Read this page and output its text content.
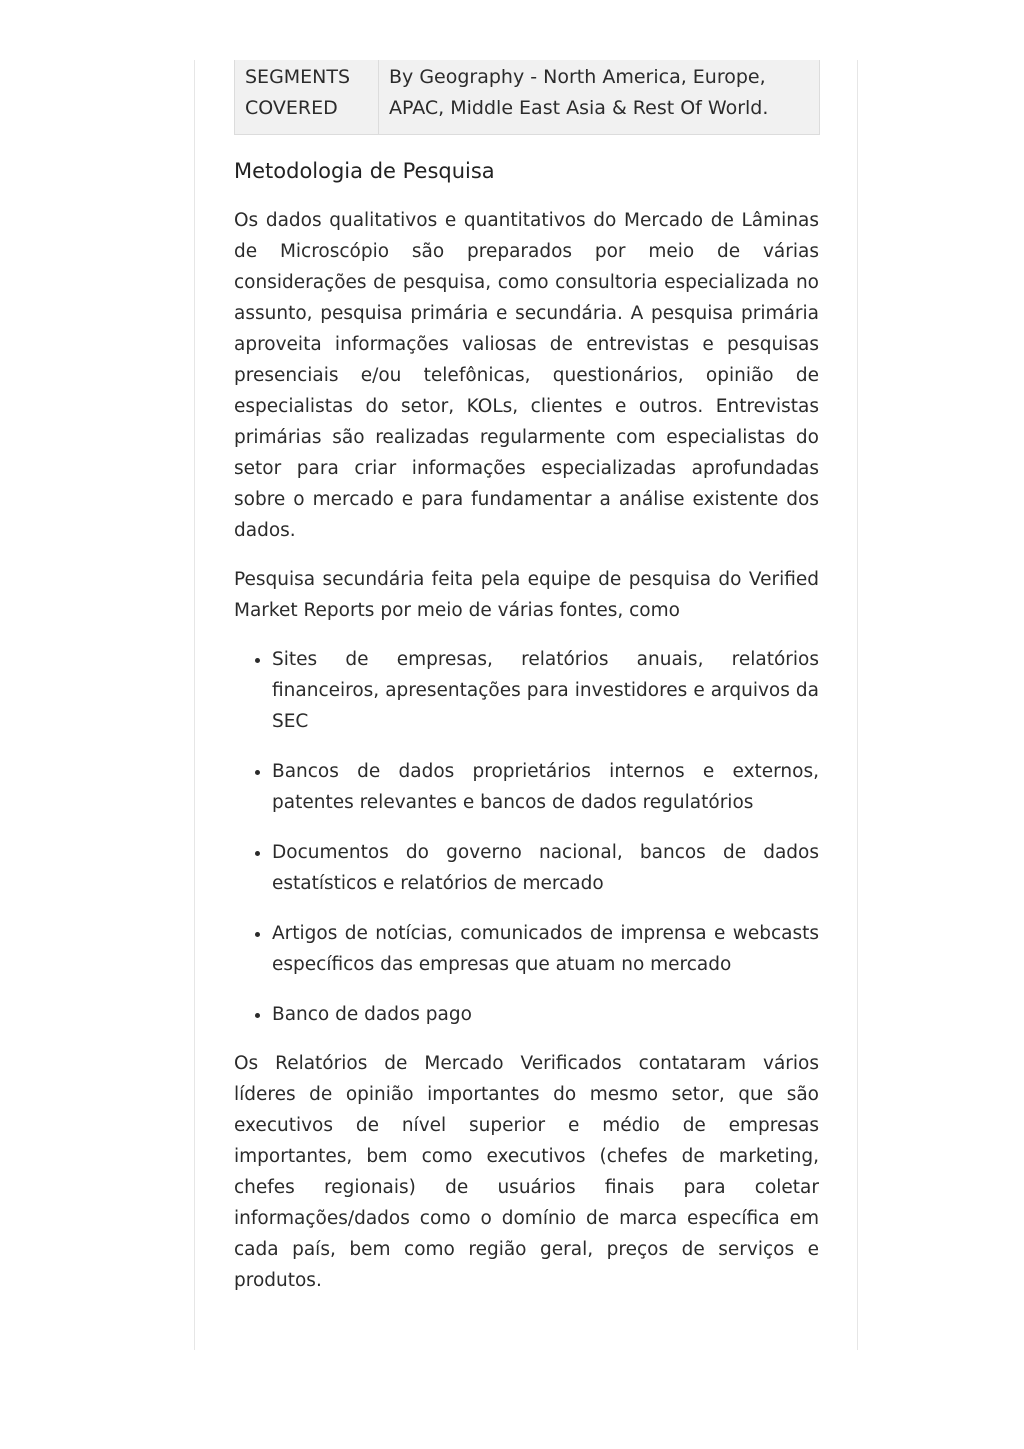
SEGMENTS COVERED	By Geography - North America, Europe, APAC, Middle East Asia & Rest Of World.
Metodologia de Pesquisa

Os dados qualitativos e quantitativos do Mercado de Lâminas de Microscópio são preparados por meio de várias considerações de pesquisa, como consultoria especializada no assunto, pesquisa primária e secundária. A pesquisa primária aproveita informações valiosas de entrevistas e pesquisas presenciais e/ou telefônicas, questionários, opinião de especialistas do setor, KOLs, clientes e outros. Entrevistas primárias são realizadas regularmente com especialistas do setor para criar informações especializadas aprofundadas sobre o mercado e para fundamentar a análise existente dos dados.

Pesquisa secundária feita pela equipe de pesquisa do Verified Market Reports por meio de várias fontes, como

• Sites de empresas, relatórios anuais, relatórios financeiros, apresentações para investidores e arquivos da SEC
• Bancos de dados proprietários internos e externos, patentes relevantes e bancos de dados regulatórios
• Documentos do governo nacional, bancos de dados estatísticos e relatórios de mercado
• Artigos de notícias, comunicados de imprensa e webcasts específicos das empresas que atuam no mercado
• Banco de dados pago

Os Relatórios de Mercado Verificados contataram vários líderes de opinião importantes do mesmo setor, que são executivos de nível superior e médio de empresas importantes, bem como executivos (chefes de marketing, chefes regionais) de usuários finais para coletar informações/dados como o domínio de marca específica em cada país, bem como região geral, preços de serviços e produtos.
